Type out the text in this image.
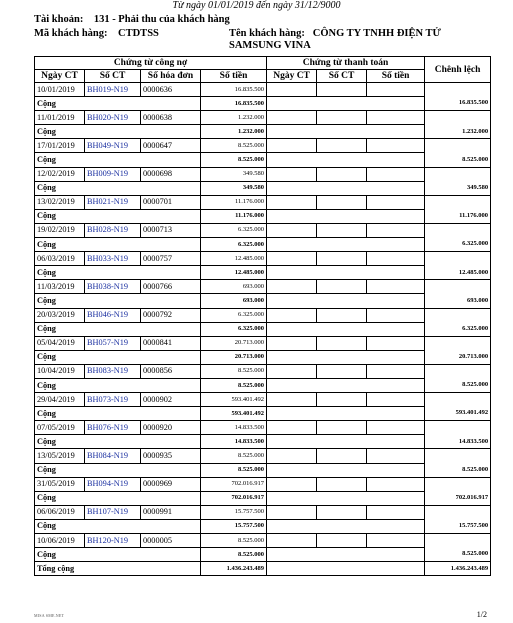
Từ ngày 01/01/2019 đến ngày 31/12/9000
Tài khoản: 131 - Phải thu của khách hàng
Mã khách hàng: CTDTSS	Tên khách hàng: CÔNG TY TNHH ĐIỆN TỬ
SAMSUNG VINA
Chứng từ công nợ				Chứng từ thanh toán			Chênh lệch
Ngày CT	Số CT	Số hóa đơn	Số tiền	Ngày CT	Số CT	Số tiền	
10/01/2019	BH019-N19	0000636	16.835.500				
Cộng			16.835.500				16.835.500
11/01/2019	BH020-N19	0000638	1.232.000				
Cộng			1.232.000				1.232.000
17/01/2019	BH049-N19	0000647	8.525.000				
Cộng			8.525.000				8.525.000
12/02/2019	BH009-N19	0000698	349.580				
Cộng			349.580				349.580
13/02/2019	BH021-N19	0000701	11.176.000				
Cộng			11.176.000				11.176.000
19/02/2019	BH028-N19	0000713	6.325.000				
Cộng			6.325.000				6.325.000
06/03/2019	BH033-N19	0000757	12.485.000				
Cộng			12.485.000				12.485.000
11/03/2019	BH038-N19	0000766	693.000				
Cộng			693.000				693.000
20/03/2019	BH046-N19	0000792	6.325.000				
Cộng			6.325.000				6.325.000
05/04/2019	BH057-N19	0000841	20.713.000				
Cộng			20.713.000				20.713.000
10/04/2019	BH083-N19	0000856	8.525.000				
Cộng			8.525.000				8.525.000
29/04/2019	BH073-N19	0000902	593.401.492				
Cộng			593.401.492				593.401.492
07/05/2019	BH076-N19	0000920	14.833.500				
Cộng			14.833.500				14.833.500
13/05/2019	BH084-N19	0000935	8.525.000				
Cộng			8.525.000				8.525.000
31/05/2019	BH094-N19	0000969	702.016.917				
Cộng			702.016.917				702.016.917
06/06/2019	BH107-N19	0000991	15.757.500				
Cộng			15.757.500				15.757.500
10/06/2019	BH120-N19	0000005	8.525.000				
Cộng			8.525.000				8.525.000
Tổng cộng			1.436.243.489				1.436.243.489
MISA SME.NET	1/2
